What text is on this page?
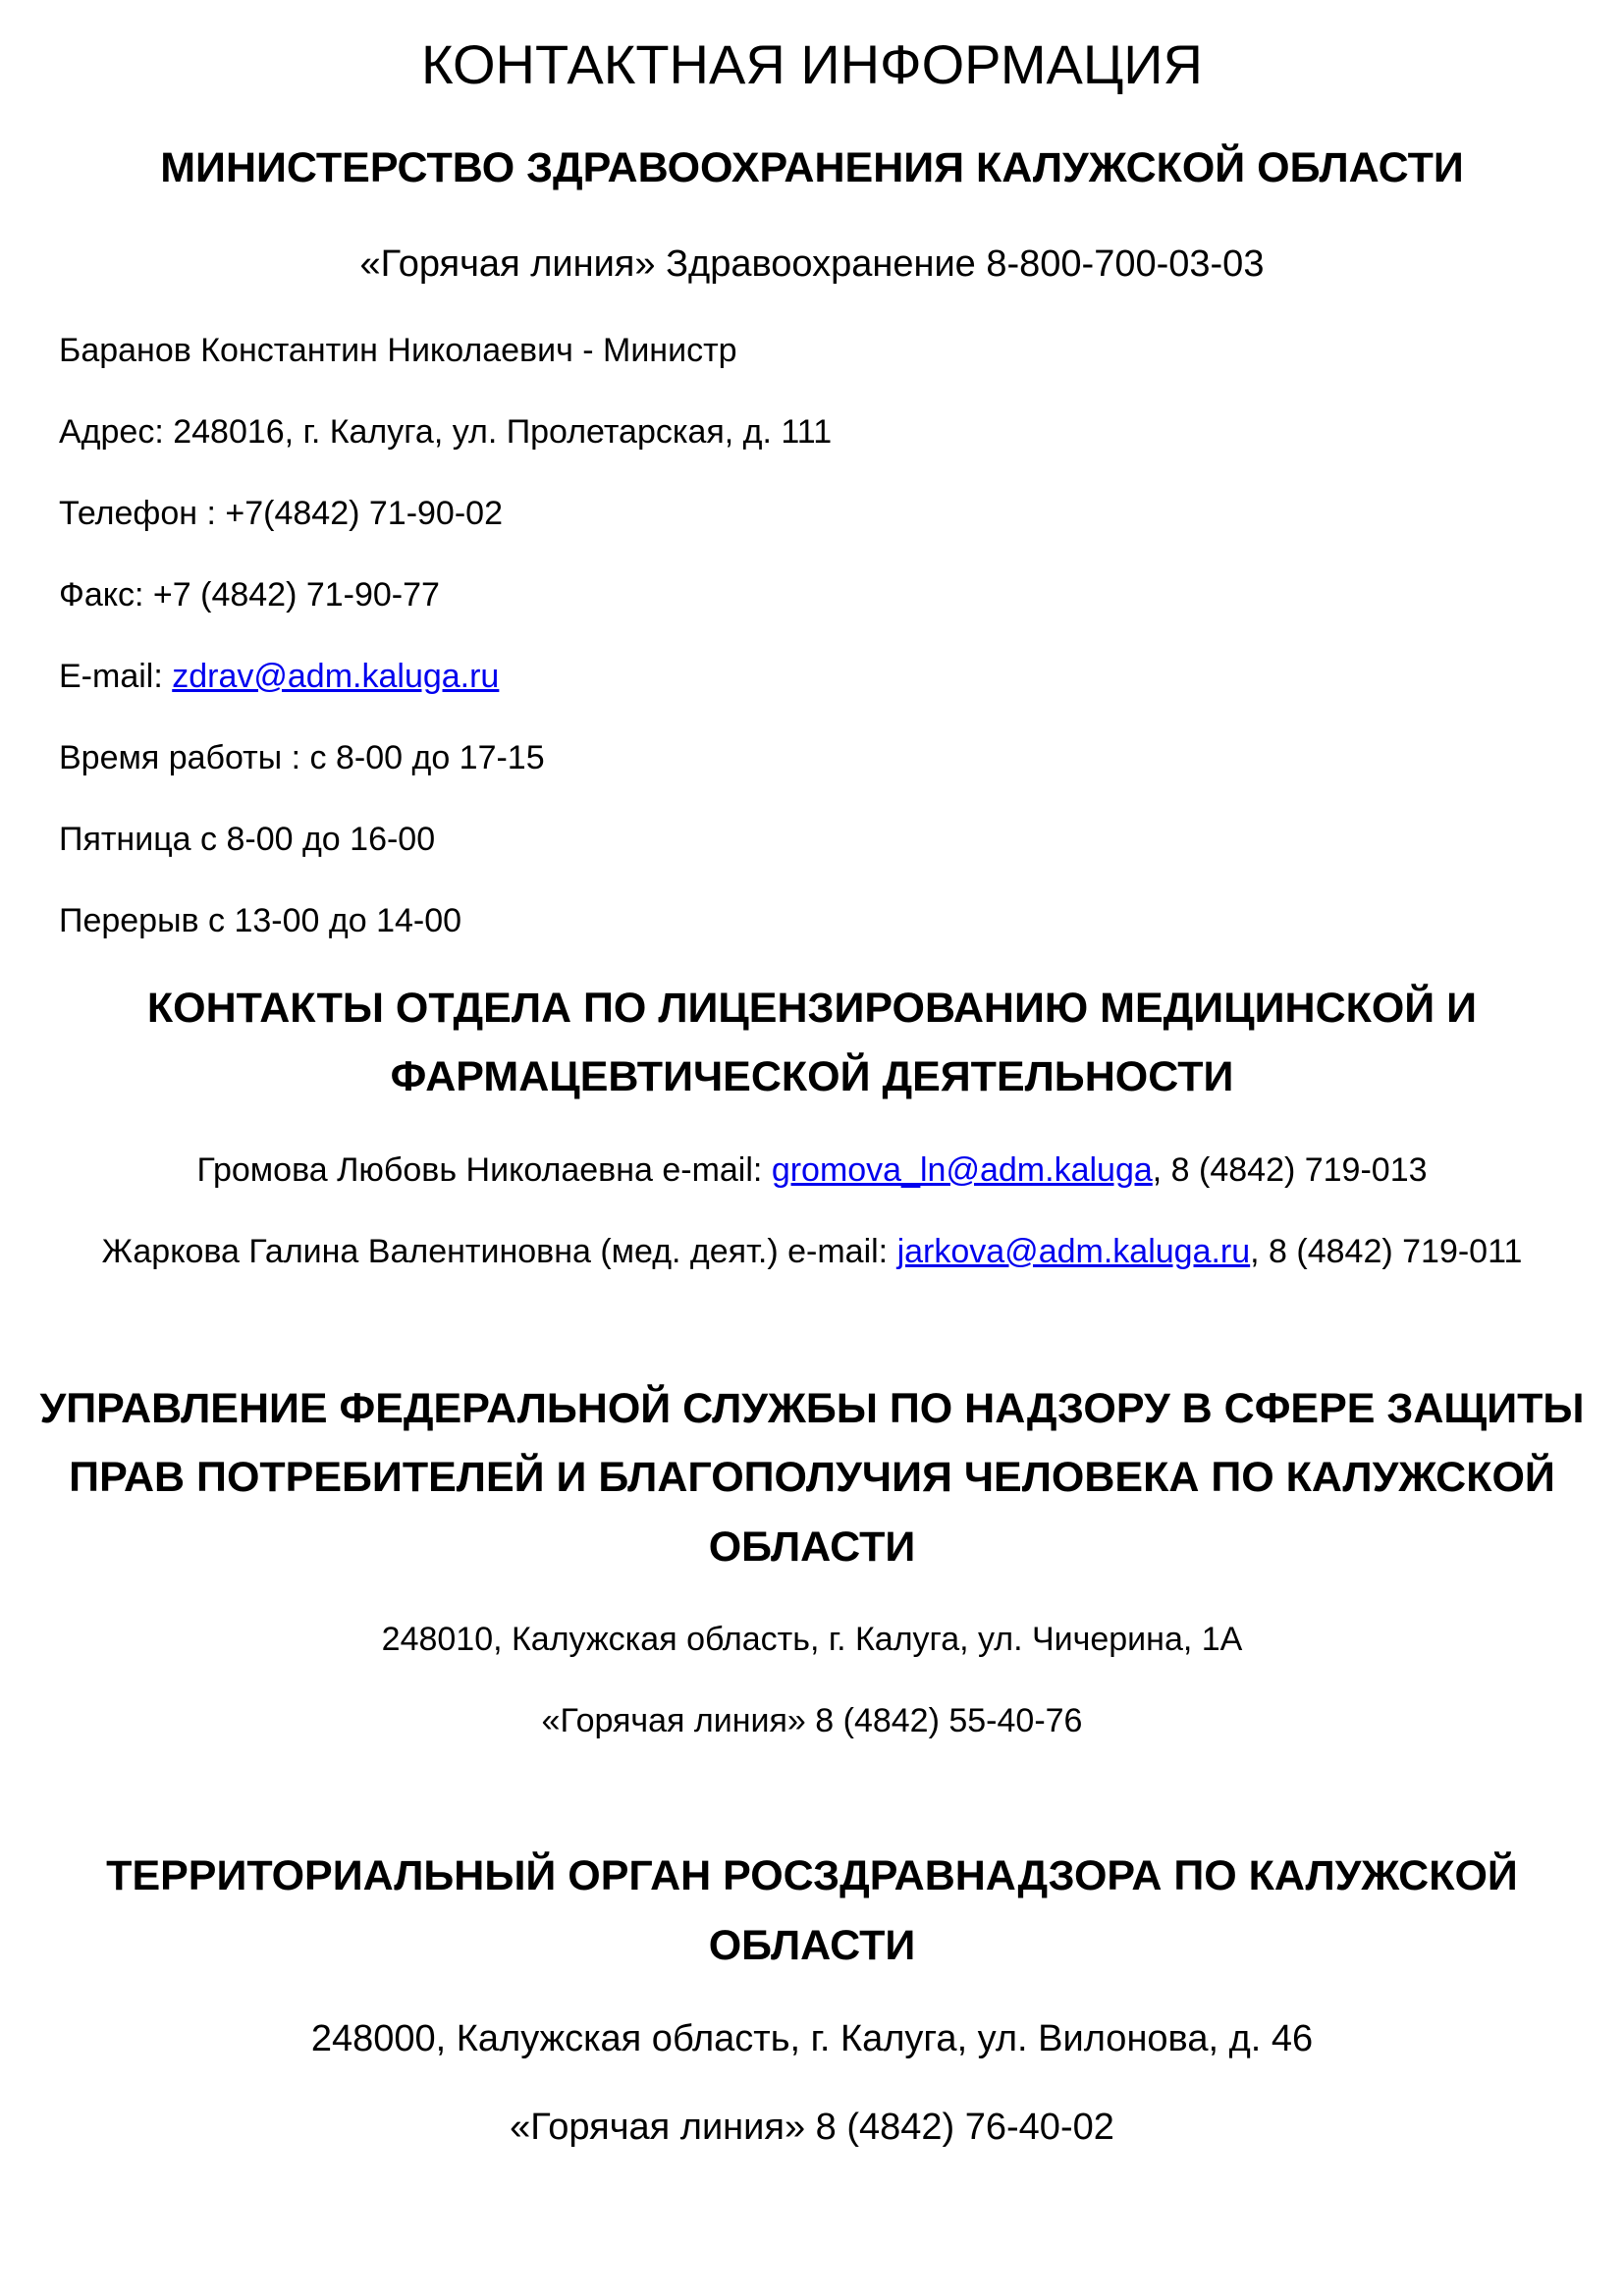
КОНТАКТНАЯ ИНФОРМАЦИЯ
МИНИСТЕРСТВО ЗДРАВООХРАНЕНИЯ КАЛУЖСКОЙ ОБЛАСТИ
«Горячая линия» Здравоохранение 8-800-700-03-03
Баранов Константин Николаевич - Министр
Адрес: 248016, г. Калуга, ул. Пролетарская, д. 111
Телефон : +7(4842) 71-90-02
Факс: +7 (4842) 71-90-77
E-mail: zdrav@adm.kaluga.ru
Время работы : с 8-00 до 17-15
Пятница с 8-00 до 16-00
Перерыв с 13-00 до 14-00
КОНТАКТЫ ОТДЕЛА ПО ЛИЦЕНЗИРОВАНИЮ МЕДИЦИНСКОЙ И
ФАРМАЦЕВТИЧЕСКОЙ ДЕЯТЕЛЬНОСТИ
Громова Любовь Николаевна e-mail: gromova_ln@adm.kaluga, 8 (4842) 719-013
Жаркова Галина Валентиновна (мед. деят.) e-mail: jarkova@adm.kaluga.ru, 8 (4842) 719-011
УПРАВЛЕНИЕ ФЕДЕРАЛЬНОЙ СЛУЖБЫ ПО НАДЗОРУ В СФЕРЕ ЗАЩИТЫ
ПРАВ ПОТРЕБИТЕЛЕЙ И БЛАГОПОЛУЧИЯ ЧЕЛОВЕКА ПО КАЛУЖСКОЙ
ОБЛАСТИ
248010, Калужская область, г. Калуга, ул. Чичерина, 1А
«Горячая линия» 8 (4842) 55-40-76
ТЕРРИТОРИАЛЬНЫЙ ОРГАН РОСЗДРАВНАДЗОРА ПО КАЛУЖСКОЙ
ОБЛАСТИ
248000, Калужская область, г. Калуга, ул. Вилонова, д. 46
«Горячая линия» 8 (4842) 76-40-02
